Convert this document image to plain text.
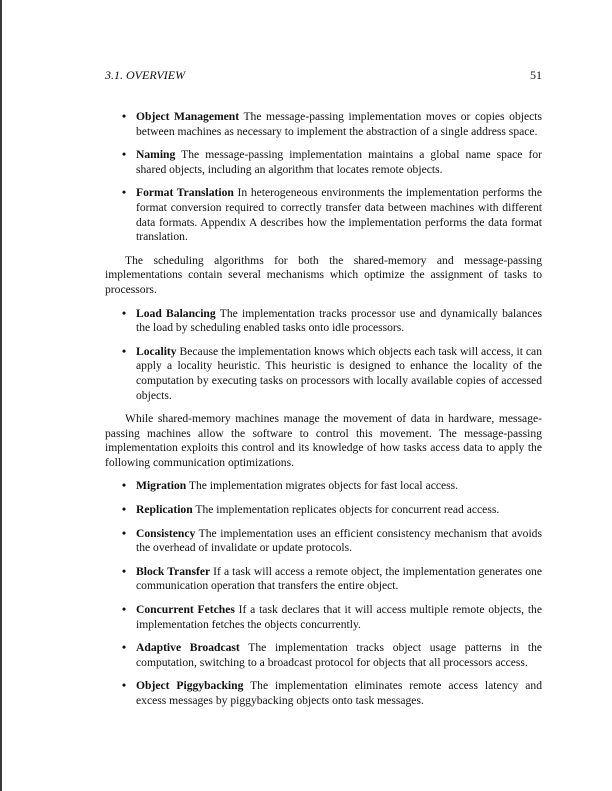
3.1. OVERVIEW	51
• Object Management The message-passing implementation moves or copies objects between machines as necessary to implement the abstraction of a single address space.
• Naming The message-passing implementation maintains a global name space for shared objects, including an algorithm that locates remote objects.
• Format Translation In heterogeneous environments the implementation performs the format conversion required to correctly transfer data between machines with different data formats. Appendix A describes how the implementation performs the data format translation.

The scheduling algorithms for both the shared-memory and message-passing implementations contain several mechanisms which optimize the assignment of tasks to processors.

• Load Balancing The implementation tracks processor use and dynamically balances the load by scheduling enabled tasks onto idle processors.
• Locality Because the implementation knows which objects each task will access, it can apply a locality heuristic. This heuristic is designed to enhance the locality of the computation by executing tasks on processors with locally available copies of accessed objects.

While shared-memory machines manage the movement of data in hardware, message-passing machines allow the software to control this movement. The message-passing implementation exploits this control and its knowledge of how tasks access data to apply the following communication optimizations.

• Migration The implementation migrates objects for fast local access.
• Replication The implementation replicates objects for concurrent read access.
• Consistency The implementation uses an efficient consistency mechanism that avoids the overhead of invalidate or update protocols.
• Block Transfer If a task will access a remote object, the implementation generates one communication operation that transfers the entire object.
• Concurrent Fetches If a task declares that it will access multiple remote objects, the implementation fetches the objects concurrently.
• Adaptive Broadcast The implementation tracks object usage patterns in the computation, switching to a broadcast protocol for objects that all processors access.
• Object Piggybacking The implementation eliminates remote access latency and excess messages by piggybacking objects onto task messages.
